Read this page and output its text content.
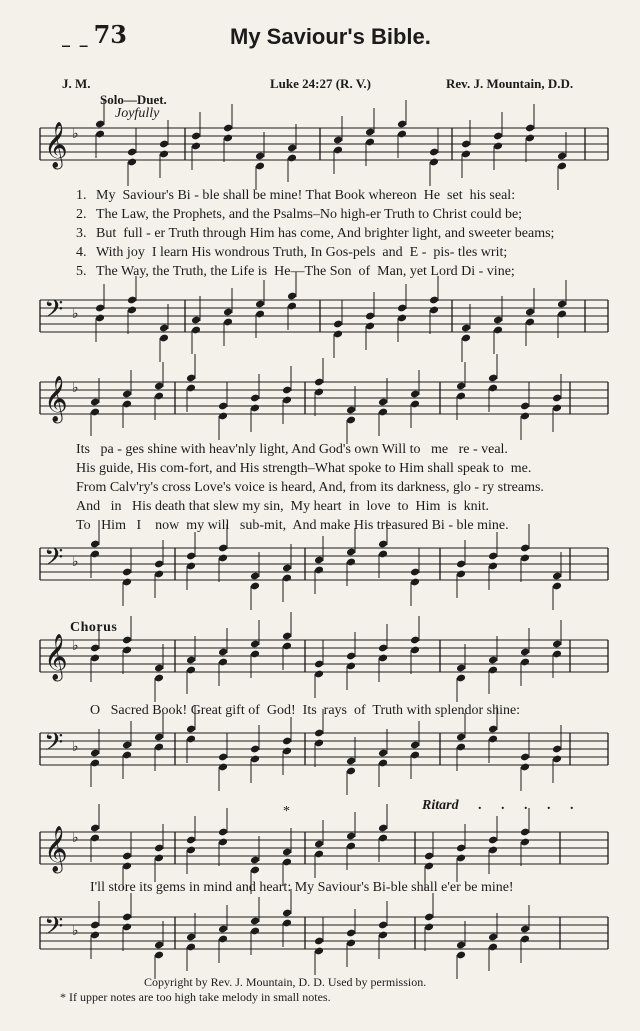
𝄞 ♭
𝄢 ♭
𝄞 ♭
𝄢 ♭
𝄞 ♭
𝄢 ♭
𝄞 ♭
𝄢 ♭
_ _ 73	My Saviour's Bible.
J. M.	Luke 24:27 (R. V.)	Rev. J. Mountain, D.D.
Solo—Duet.
Joyfully
1. My  Saviour's Bi - ble shall be mine! That Book whereon  He  set  his seal:
2. The Law, the Prophets, and the Psalms–No high-er Truth to Christ could be;
3. But  full - er Truth through Him has come, And brighter light, and sweeter beams;
4. With joy  I learn His wondrous Truth, In Gos-pels  and  E -  pis- tles writ;
5. The Way, the Truth, the Life is  He—The Son  of  Man, yet Lord Di - vine;
Its   pa - ges shine with heav'nly light, And God's own Will to   me   re - veal.
His guide, His com-fort, and His strength–What spoke to Him shall speak to  me.
From Calv'ry's cross Love's voice is heard, And, from its darkness, glo - ry streams.
And   in   His death that slew my sin,  My heart  in  love  to  Him  is  knit.
To   Him   I    now  my will   sub-mit,  And make His treasured Bi - ble mine.
Chorus
O   Sacred Book! Great gift of  God!  Its  rays  of  Truth with splendor shine:
*	Ritard . . . . .
I'll store its gems in mind and heart: My Saviour's Bi-ble shall e'er be mine!
Copyright by Rev. J. Mountain, D. D. Used by permission.
* If upper notes are too high take melody in small notes.
